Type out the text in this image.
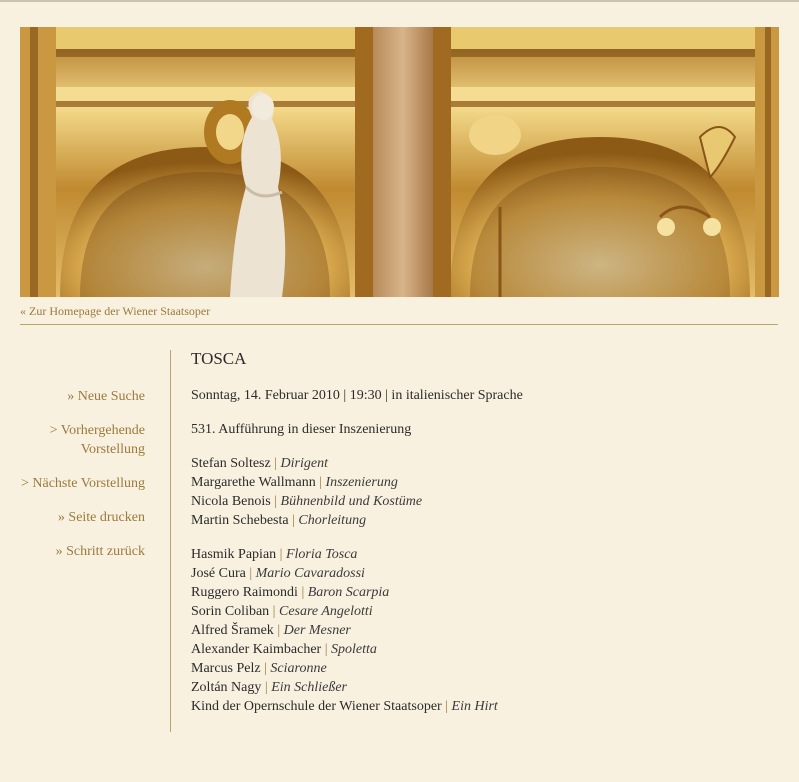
« Zur Homepage der Wiener Staatsoper
» Neue Suche
> Vorhergehende Vorstellung
> Nächste Vorstellung
» Seite drucken
» Schritt zurück
TOSCA

Sonntag, 14. Februar 2010 | 19:30 | in italienischer Sprache

531. Aufführung in dieser Inszenierung

Stefan Soltesz | Dirigent
Margarethe Wallmann | Inszenierung
Nicola Benois | Bühnenbild und Kostüme
Martin Schebesta | Chorleitung
Hasmik Papian | Floria Tosca
José Cura | Mario Cavaradossi
Ruggero Raimondi | Baron Scarpia
Sorin Coliban | Cesare Angelotti
Alfred Šramek | Der Mesner
Alexander Kaimbacher | Spoletta
Marcus Pelz | Sciaronne
Zoltán Nagy | Ein Schließer
Kind der Opernschule der Wiener Staatsoper | Ein Hirt
